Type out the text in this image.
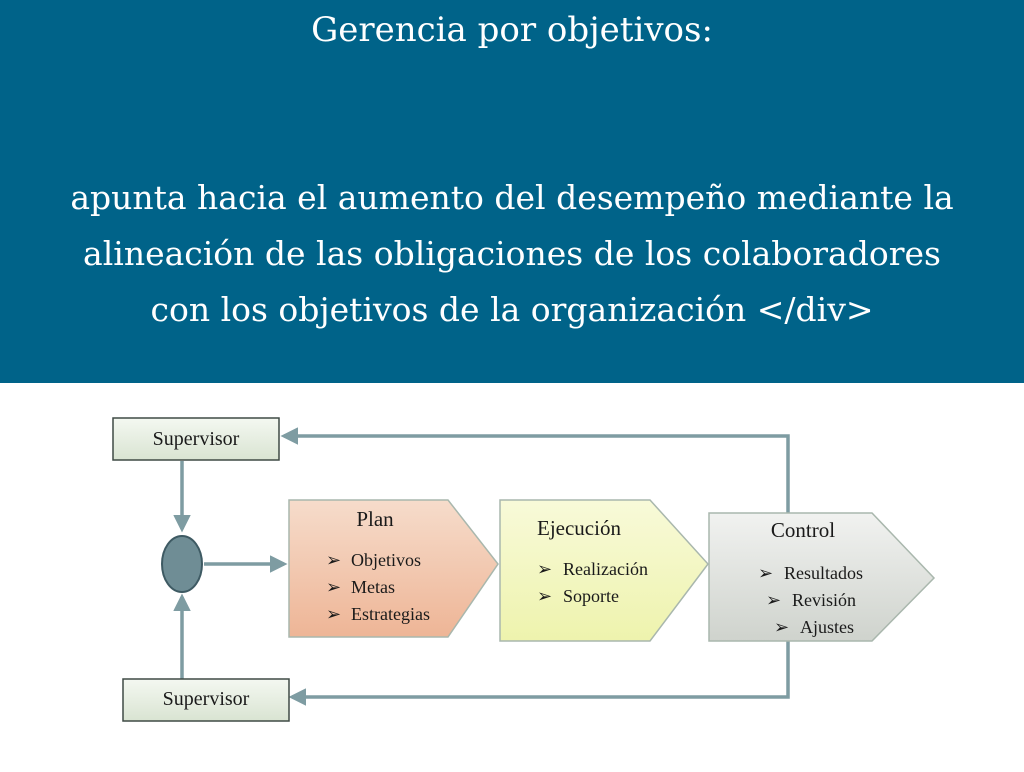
Gerencia por objetivos:
apunta hacia el aumento del desempeño mediante la alineación de las obligaciones de los colaboradores con los objetivos de la organización </div>
Supervisor
Supervisor
Plan
➢ Objetivos
➢ Metas
➢ Estrategias
Ejecución
➢ Realización
➢ Soporte
Control
➢ Resultados
➢ Revisión
➢ Ajustes
